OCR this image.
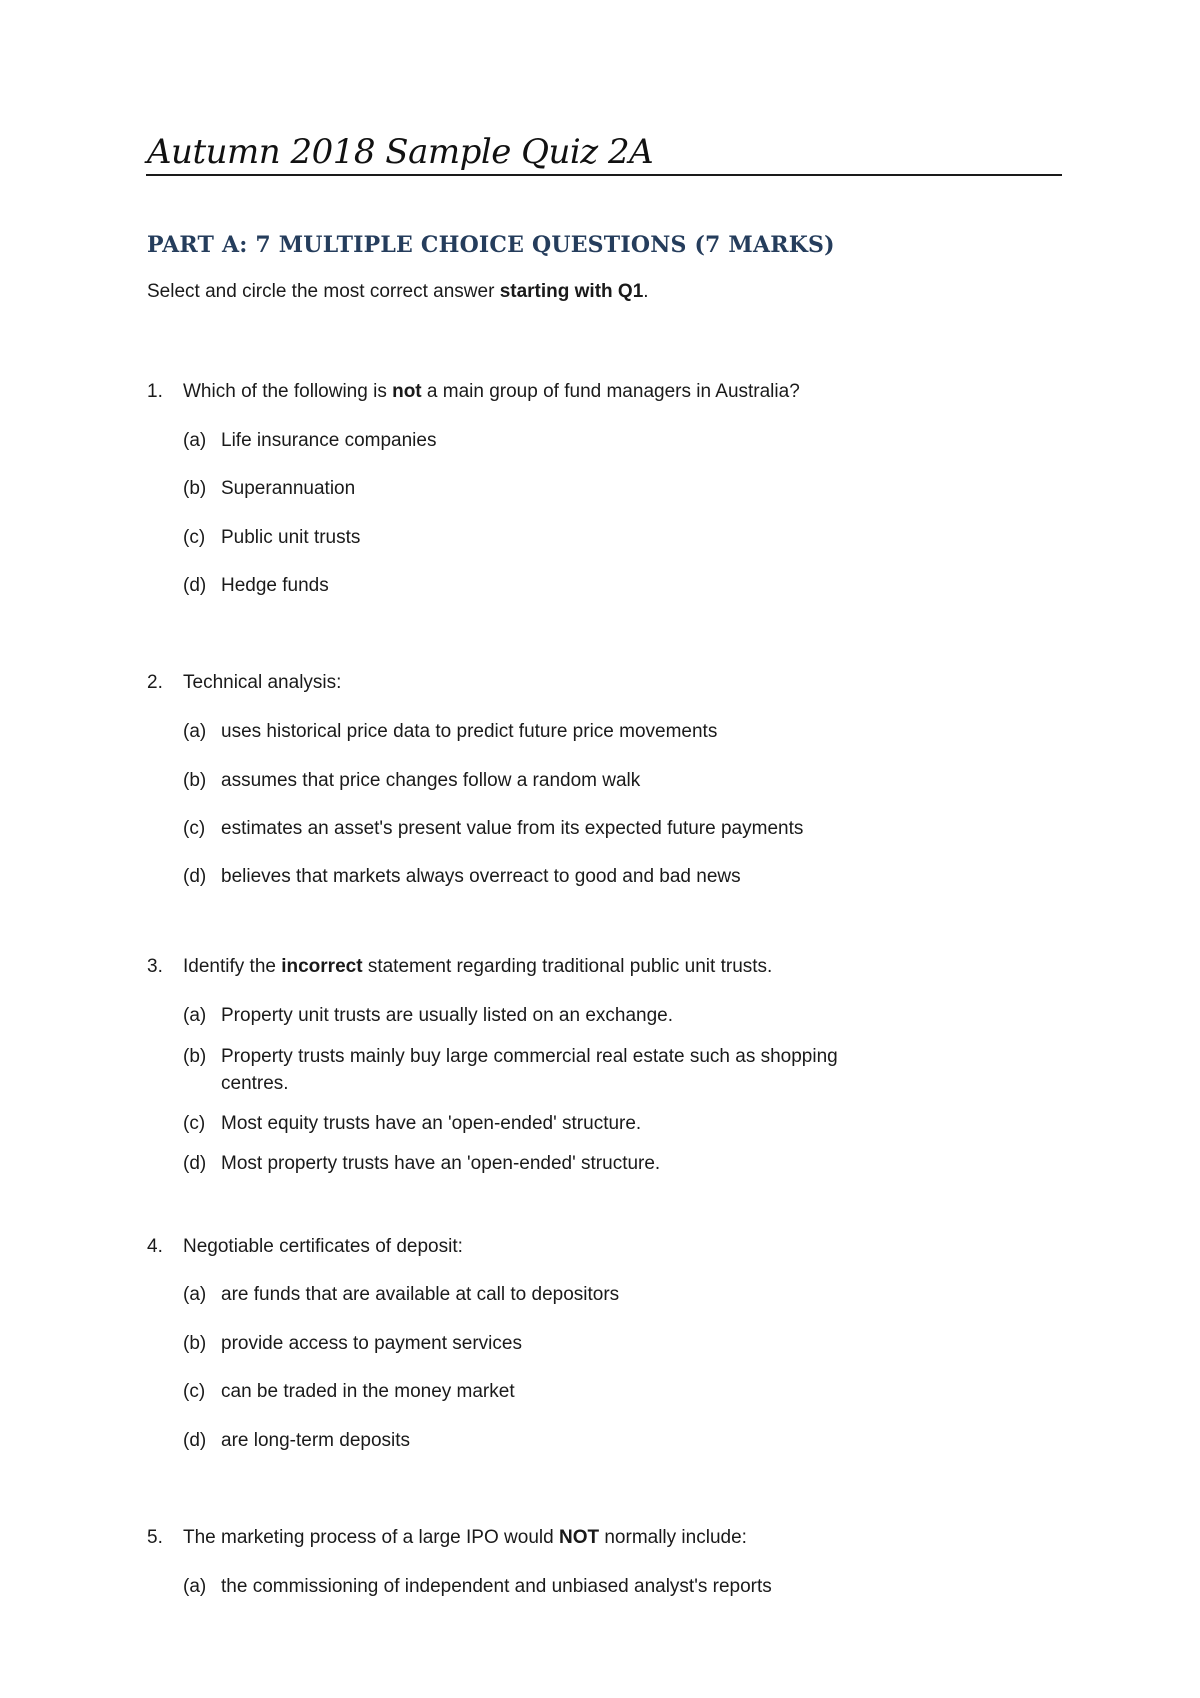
Autumn 2018 Sample Quiz 2A
PART A: 7 MULTIPLE CHOICE QUESTIONS (7 MARKS)
Select and circle the most correct answer starting with Q1.
1. Which of the following is not a main group of fund managers in Australia?
(a) Life insurance companies
(b) Superannuation
(c) Public unit trusts
(d) Hedge funds
2. Technical analysis:
(a) uses historical price data to predict future price movements
(b) assumes that price changes follow a random walk
(c) estimates an asset's present value from its expected future payments
(d) believes that markets always overreact to good and bad news
3. Identify the incorrect statement regarding traditional public unit trusts.
(a) Property unit trusts are usually listed on an exchange.
(b) Property trusts mainly buy large commercial real estate such as shopping
centres.
(c) Most equity trusts have an 'open-ended' structure.
(d) Most property trusts have an 'open-ended' structure.
4. Negotiable certificates of deposit:
(a) are funds that are available at call to depositors
(b) provide access to payment services
(c) can be traded in the money market
(d) are long-term deposits
5. The marketing process of a large IPO would NOT normally include:
(a) the commissioning of independent and unbiased analyst's reports
